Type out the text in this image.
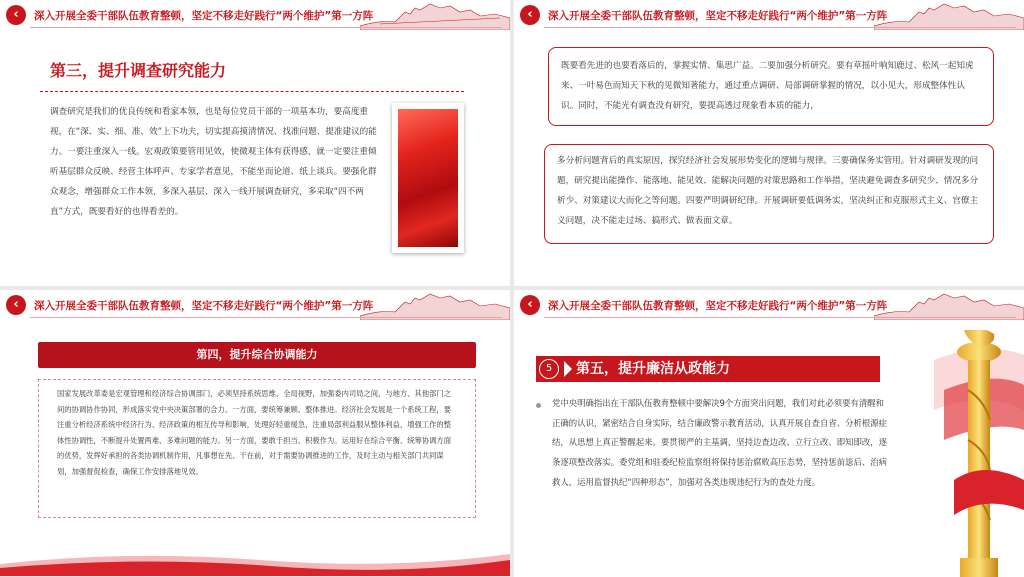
‹	深入开展全委干部队伍教育整顿，坚定不移走好践行“两个维护”第一方阵
第三，提升调查研究能力
调查研究是我们的优良传统和看家本领，也是每位党员干部的一项基本功，要高度重视，在“深、实、细、准、效”上下功夫，切实提高摸清情况、找准问题、提准建议的能力。一要注重深入一线。宏观政策要管用见效，使微观主体有获得感，就一定要注重倾听基层群众反映、经营主体呼声、专家学者意见，不能坐而论道、纸上谈兵。要强化群众观念，增强群众工作本领，多深入基层、深入一线开展调查研究，多采取“四不两直”方式，既要看好的也得看差的。
‹	深入开展全委干部队伍教育整顿，坚定不移走好践行“两个维护”第一方阵
既要看先进的也要看落后的，掌握实情、集思广益。二要加强分析研究。要有草摇叶响知鹿过、松风一起知虎来、一叶易色而知天下秋的见微知著能力，通过重点调研、局部调研掌握的情况，以小见大，形成整体性认识。同时，不能光有调查没有研究，要提高透过现象看本质的能力，
多分析问题背后的真实原因，探究经济社会发展形势变化的逻辑与规律。三要确保务实管用。针对调研发现的问题，研究提出能操作、能落地、能见效、能解决问题的对策思路和工作举措，坚决避免调查多研究少、情况多分析少、对策建议大而化之等问题。四要严明调研纪律。开展调研要低调务实，坚决纠正和克服形式主义、官僚主义问题，决不能走过场、搞形式、做表面文章。
‹	深入开展全委干部队伍教育整顿，坚定不移走好践行“两个维护”第一方阵
第四，提升综合协调能力
国家发展改革委是宏观管理和经济综合协调部门，必须坚持系统思维、全局视野，加强委内司局之间，与地方、其他部门之间的协调协作协同，形成落实党中央决策部署的合力。一方面，要统筹兼顾、整体推进。经济社会发展是一个系统工程，要注重分析经济系统中经济行为、经济政策的相互传导和影响，处理好轻重缓急，注重局部利益服从整体利益，增强工作的整体性协调性，不断提升处置两难、多难问题的能力。另一方面，要敢于担当、积极作为。运用好在综合平衡、统筹协调方面的优势，发挥好承担的各类协调机制作用，凡事想在先、干在前，对于需要协调推进的工作，及时主动与相关部门共同谋划，加强督促检查，确保工作安排落地见效。
‹	深入开展全委干部队伍教育整顿，坚定不移走好践行“两个维护”第一方阵
5	第五，提升廉洁从政能力
党中央明确指出在干部队伍教育整顿中要解决9个方面突出问题，我们对此必须要有清醒和正确的认识，紧密结合自身实际，结合廉政警示教育活动，认真开展自查自省、分析根源症结，从思想上真正警醒起来。要贯彻严的主基调，坚持边查边改、立行立改、即知即改，逐条逐项整改落实。委党组和驻委纪检监察组将保持惩治腐败高压态势，坚持惩前毖后、治病救人，运用监督执纪“四种形态”，加强对各类违规违纪行为的查处力度。
